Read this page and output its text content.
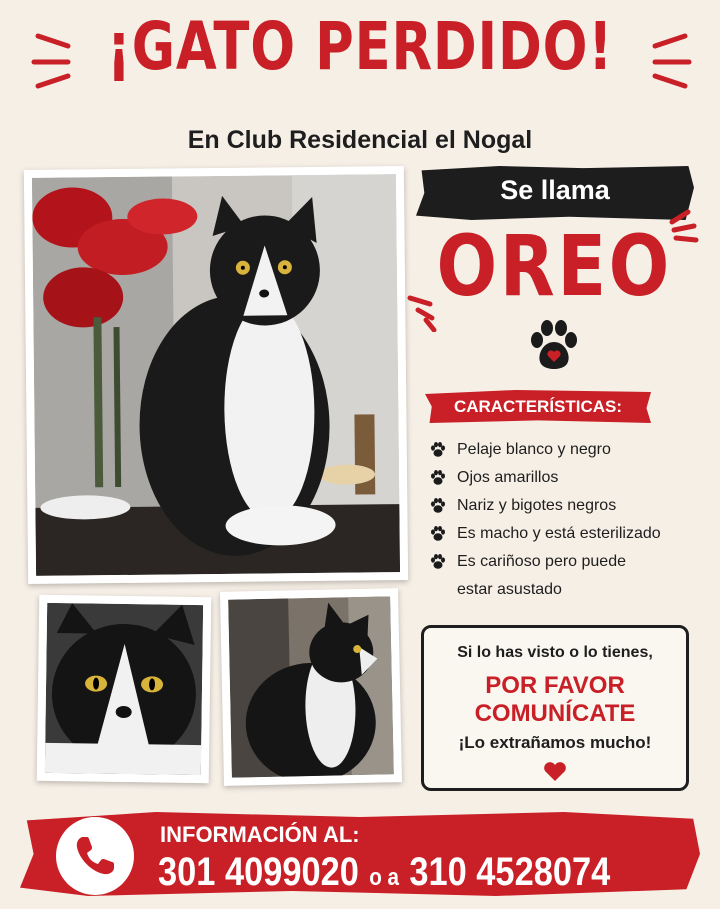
¡GATO PERDIDO!
En Club Residencial el Nogal
Se llama
OREO
CARACTERÍSTICAS:
Pelaje blanco y negro
Ojos amarillos
Nariz y bigotes negros
Es macho y está esterilizado
Es cariñoso pero puede
estar asustado
Si lo has visto o lo tienes,
POR FAVOR
COMUNÍCATE
¡Lo extrañamos mucho!
INFORMACIÓN AL:
301 4099020 o a 310 4528074
